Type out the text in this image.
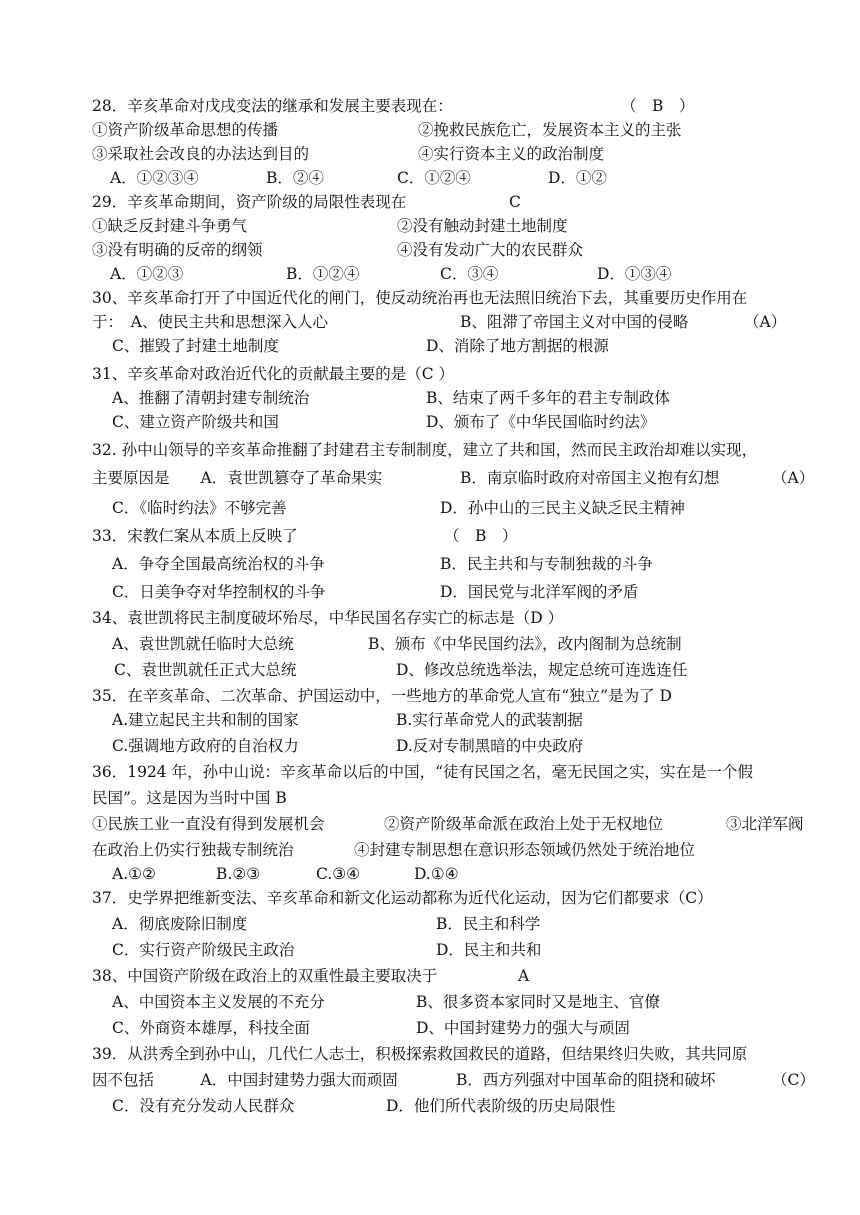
28．辛亥革命对戊戌变法的继承和发展主要表现在：	（　B　）
①资产阶级革命思想的传播	②挽救民族危亡，发展资本主义的主张
③采取社会改良的办法达到目的	④实行资本主义的政治制度
A．①②③④	B．②④	C．①②④	D．①②
29．辛亥革命期间，资产阶级的局限性表现在	C
①缺乏反封建斗争勇气	②没有触动封建土地制度
③没有明确的反帝的纲领	④没有发动广大的农民群众
A．①②③	B．①②④	C．③④	D．①③④
30、辛亥革命打开了中国近代化的闸门，使反动统治再也无法照旧统治下去，其重要历史作用在
于：　A、使民主共和思想深入人心	B、阻滞了帝国主义对中国的侵略	（A）
C、摧毁了封建土地制度	D、消除了地方割据的根源
31、辛亥革命对政治近代化的贡献最主要的是（C ）
A、推翻了清朝封建专制统治	B、结束了两千多年的君主专制政体
C、建立资产阶级共和国	D、颁布了《中华民国临时约法》
32. 孙中山领导的辛亥革命推翻了封建君主专制制度，建立了共和国，然而民主政治却难以实现，
主要原因是　　A．袁世凯篡夺了革命果实	B．南京临时政府对帝国主义抱有幻想	（A）
C．《临时约法》不够完善	D．孙中山的三民主义缺乏民主精神
33．宋教仁案从本质上反映了	（　B　）
A．争夺全国最高统治权的斗争	B．民主共和与专制独裁的斗争
C．日美争夺对华控制权的斗争	D．国民党与北洋军阀的矛盾
34、袁世凯将民主制度破坏殆尽，中华民国名存实亡的标志是（D ）
A、袁世凯就任临时大总统	B、颁布《中华民国约法》，改内阁制为总统制
C、袁世凯就任正式大总统	D、修改总统选举法，规定总统可连选连任
35．在辛亥革命、二次革命、护国运动中，一些地方的革命党人宣布“独立”是为了 D
A.建立起民主共和制的国家	B.实行革命党人的武装割据
C.强调地方政府的自治权力	D.反对专制黑暗的中央政府
36．1924 年，孙中山说：辛亥革命以后的中国，“徒有民国之名，毫无民国之实，实在是一个假
民国”。这是因为当时中国 B
①民族工业一直没有得到发展机会	②资产阶级革命派在政治上处于无权地位	③北洋军阀
在政治上仍实行独裁专制统治	④封建专制思想在意识形态领域仍然处于统治地位
A.①②	B.②③	C.③④	D.①④
37．史学界把维新变法、辛亥革命和新文化运动都称为近代化运动，因为它们都要求（C）
A．彻底废除旧制度	B．民主和科学
C．实行资产阶级民主政治	D．民主和共和
38、中国资产阶级在政治上的双重性最主要取决于	A
A、中国资本主义发展的不充分	B、很多资本家同时又是地主、官僚
C、外商资本雄厚，科技全面	D、中国封建势力的强大与顽固
39．从洪秀全到孙中山，几代仁人志士，积极探索救国救民的道路，但结果终归失败，其共同原
因不包括　　　A．中国封建势力强大而顽固	B．西方列强对中国革命的阻挠和破坏	（C）
C．没有充分发动人民群众	D．他们所代表阶级的历史局限性
